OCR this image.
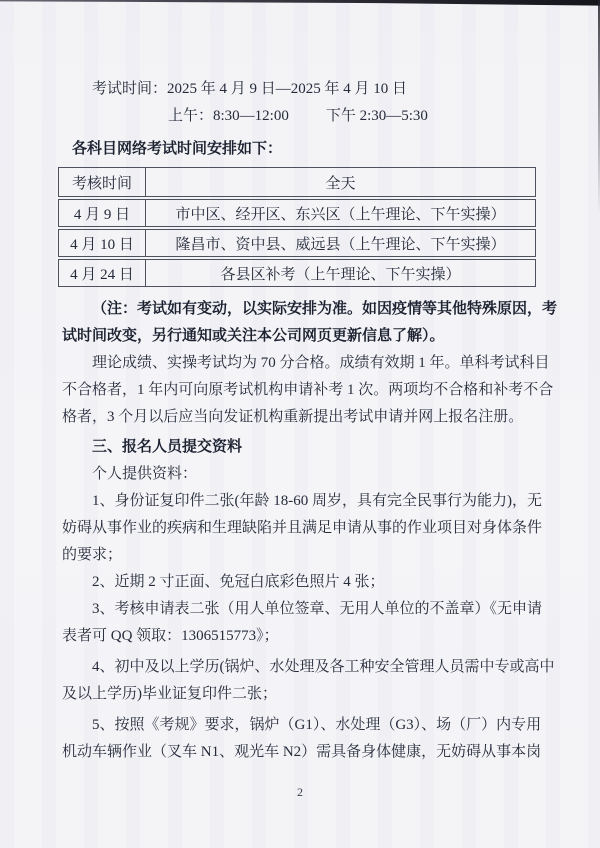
考试时间：2025 年 4 月 9 日—2025 年 4 月 10 日
上午：8:30—12:00 下午 2:30—5:30
各科目网络考试时间安排如下：
考核时间	全天
4 月 9 日	市中区、经开区、东兴区（上午理论、下午实操）
4 月 10 日	隆昌市、资中县、威远县（上午理论、下午实操）
4 月 24 日	各县区补考（上午理论、下午实操）
（注：考试如有变动，以实际安排为准。如因疫情等其他特殊原因，考
试时间改变，另行通知或关注本公司网页更新信息了解）。
理论成绩、实操考试均为 70 分合格。成绩有效期 1 年。单科考试科目
不合格者，1 年内可向原考试机构申请补考 1 次。两项均不合格和补考不合
格者，3 个月以后应当向发证机构重新提出考试申请并网上报名注册。
三、报名人员提交资料
个人提供资料：
1、身份证复印件二张(年龄 18-60 周岁，具有完全民事行为能力)，无
妨碍从事作业的疾病和生理缺陷并且满足申请从事的作业项目对身体条件
的要求；
2、近期 2 寸正面、免冠白底彩色照片 4 张；
3、考核申请表二张（用人单位签章、无用人单位的不盖章）《无申请
表者可 QQ 领取：1306515773》；
4、初中及以上学历(锅炉、水处理及各工种安全管理人员需中专或高中
及以上学历)毕业证复印件二张；
5、按照《考规》要求，锅炉（G1）、水处理（G3）、场（厂）内专用
机动车辆作业（叉车 N1、观光车 N2）需具备身体健康，无妨碍从事本岗
2
